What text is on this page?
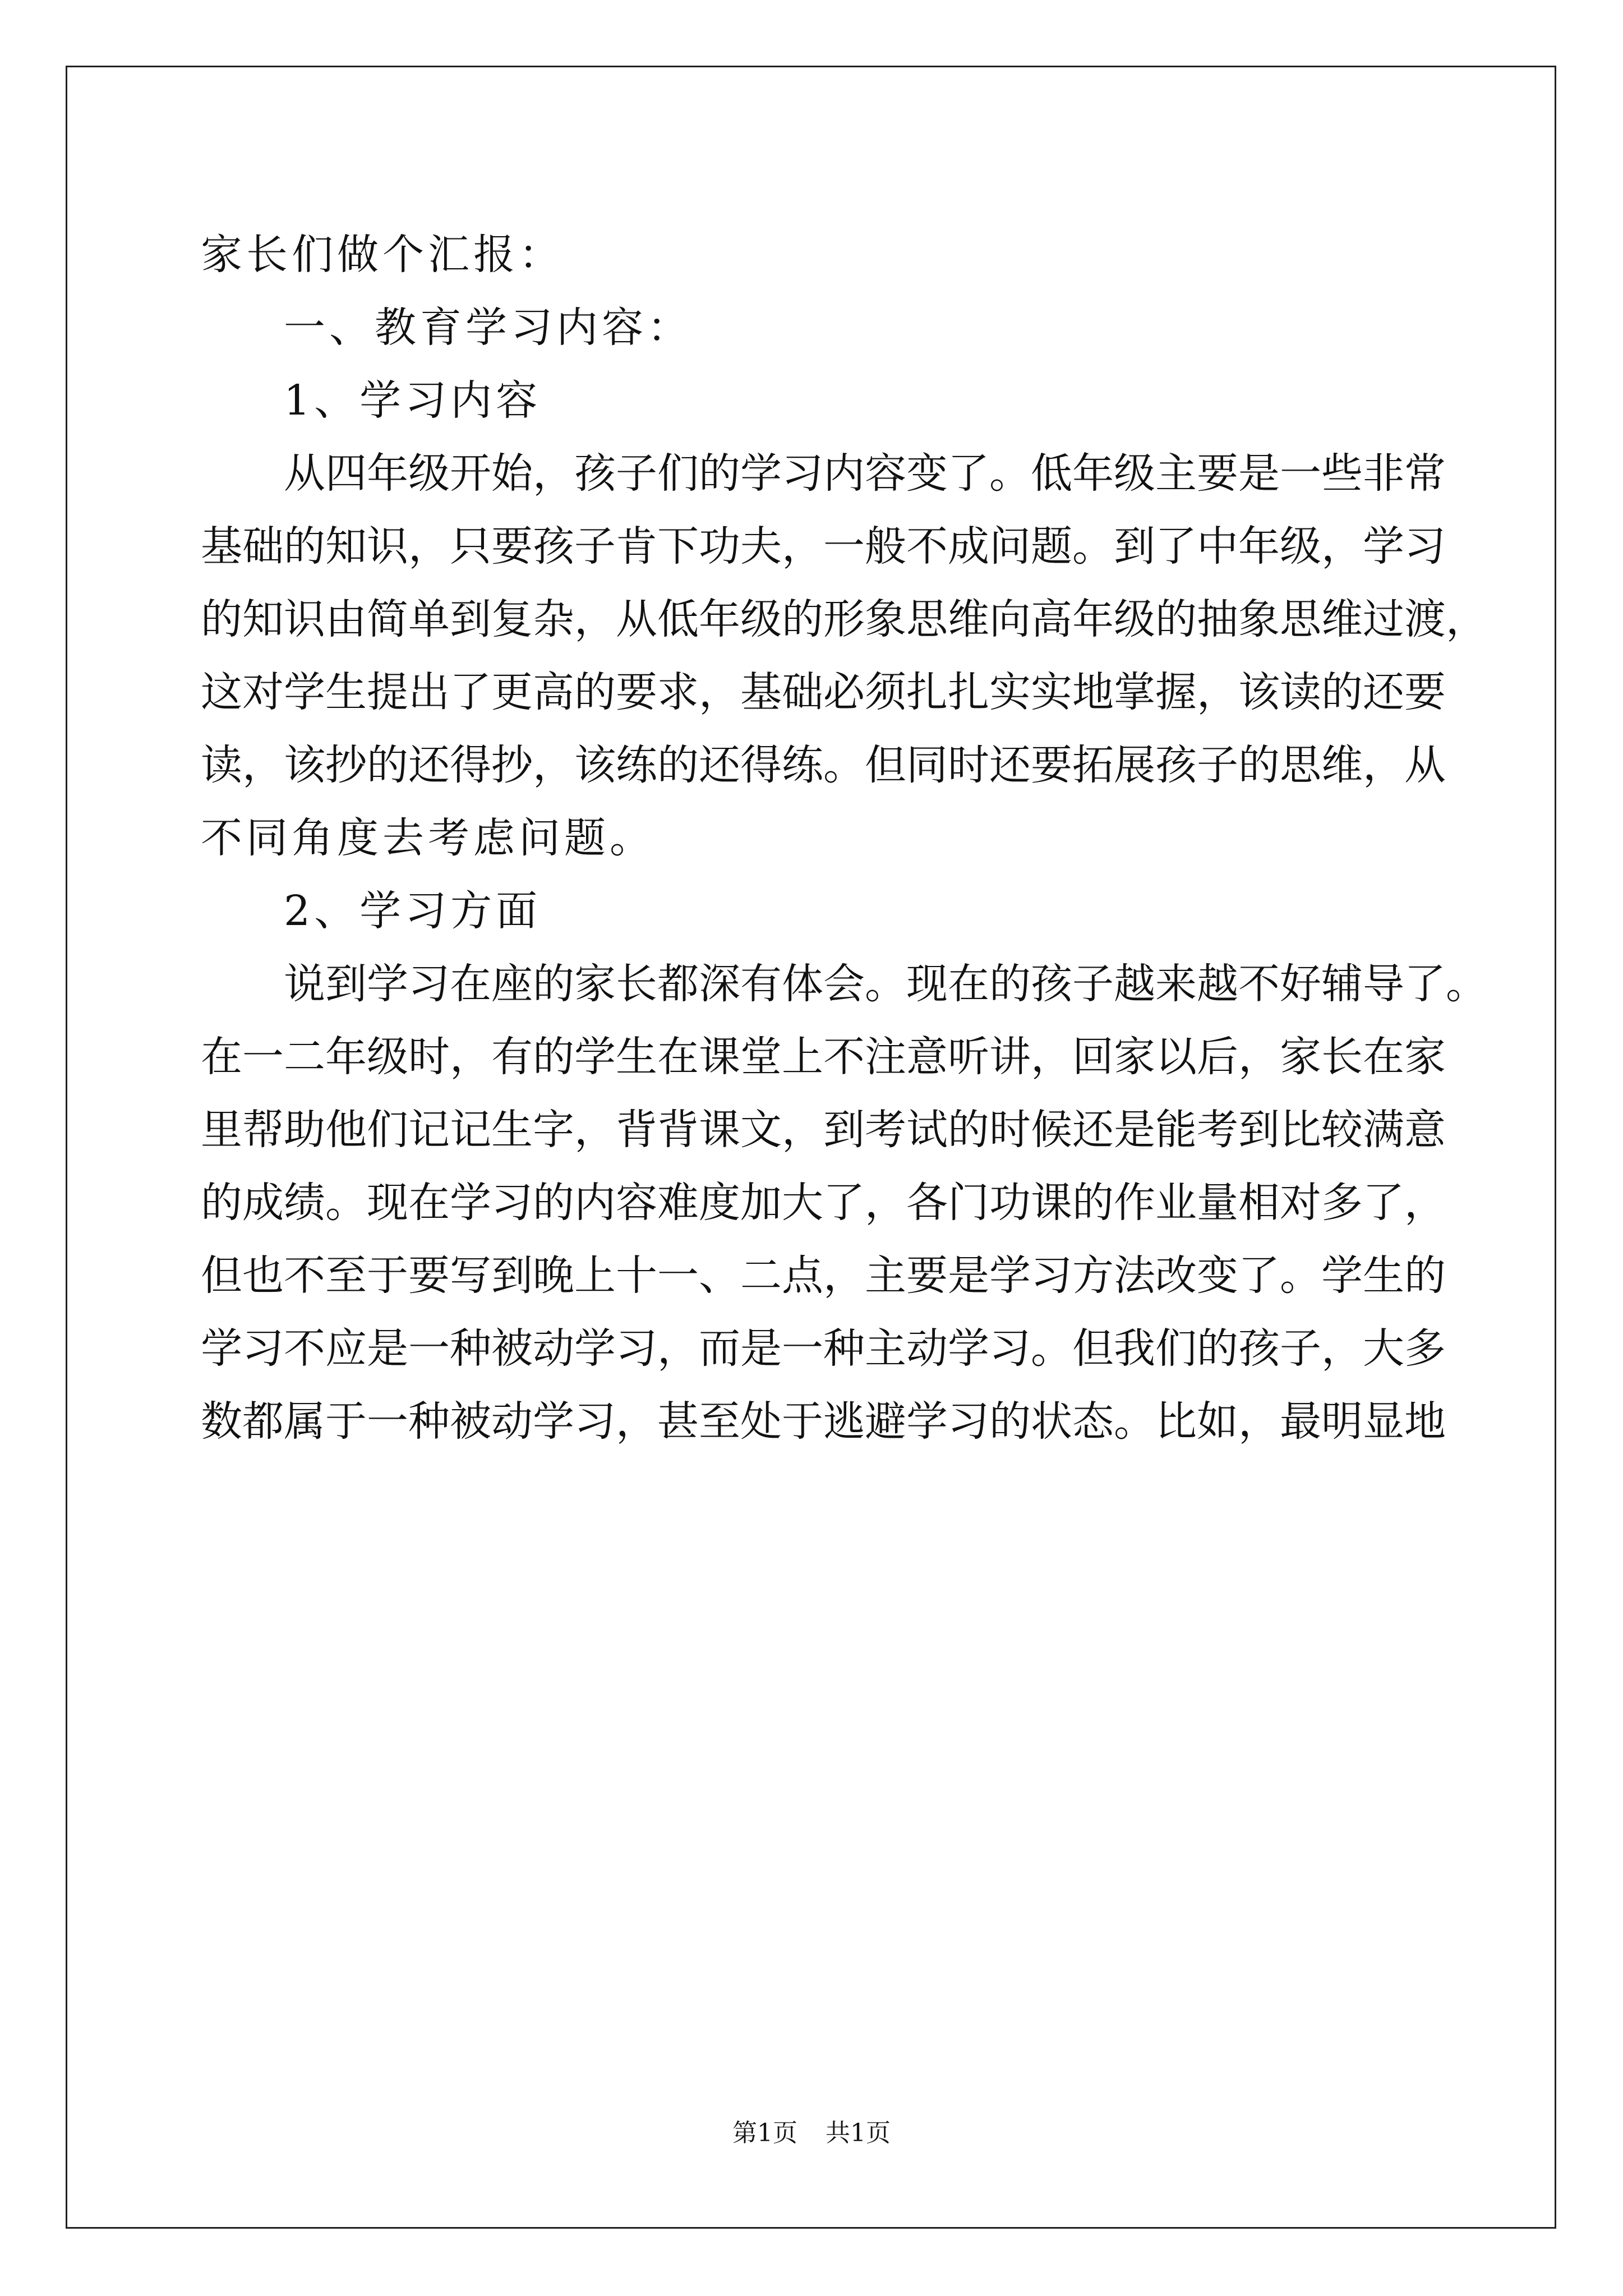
家长们做个汇报：
一、教育学习内容：
1、学习内容
从四年级开始，孩子们的学习内容变了。低年级主要是一些非常
基础的知识，只要孩子肯下功夫，一般不成问题。到了中年级，学习
的知识由简单到复杂，从低年级的形象思维向高年级的抽象思维过渡，
这对学生提出了更高的要求，基础必须扎扎实实地掌握，该读的还要
读，该抄的还得抄，该练的还得练。但同时还要拓展孩子的思维，从
不同角度去考虑问题。
2、学习方面
说到学习在座的家长都深有体会。现在的孩子越来越不好辅导了。
在一二年级时，有的学生在课堂上不注意听讲，回家以后，家长在家
里帮助他们记记生字，背背课文，到考试的时候还是能考到比较满意
的成绩。现在学习的内容难度加大了，各门功课的作业量相对多了，
但也不至于要写到晚上十一、二点，主要是学习方法改变了。学生的
学习不应是一种被动学习，而是一种主动学习。但我们的孩子，大多
数都属于一种被动学习，甚至处于逃避学习的状态。比如，最明显地
第1页 共1页
